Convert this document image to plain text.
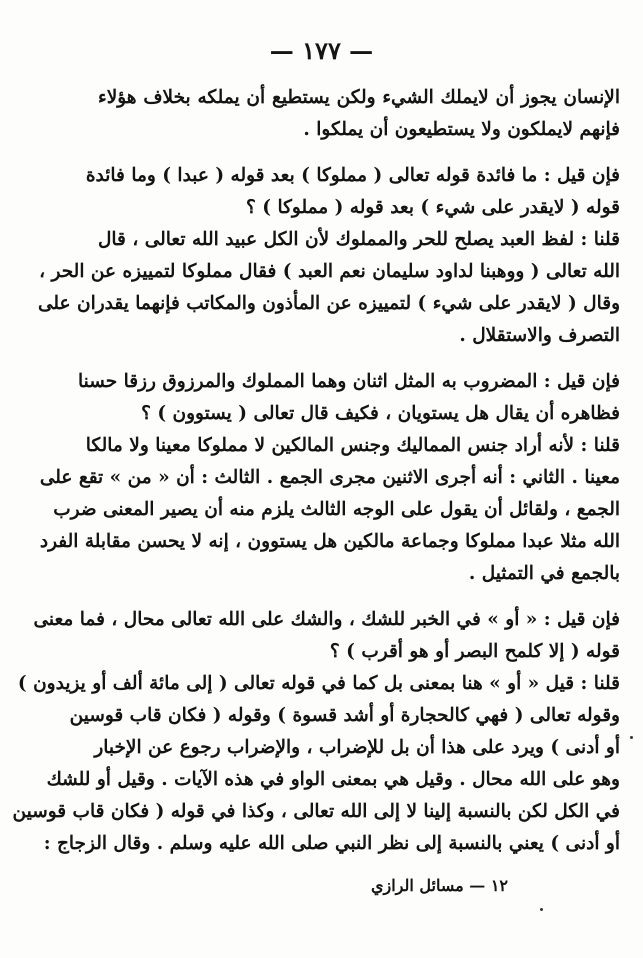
— ١٧٧ —
الإنسان يجوز أن لايملك الشيء ولكن يستطيع أن يملكه بخلاف هؤلاء
فإنهم لايملكون ولا يستطيعون أن يملكوا .
فإن قيل : ما فائدة قوله تعالى ( مملوكا ) بعد قوله ( عبدا ) وما فائدة
قوله ( لايقدر على شيء ) بعد قوله ( مملوكا ) ؟
قلنا : لفظ العبد يصلح للحر والمملوك لأن الكل عبيد الله تعالى ، قال
الله تعالى ( ووهبنا لداود سليمان نعم العبد ) فقال مملوكا لتمييزه عن الحر ،
وقال ( لايقدر على شيء ) لتمييزه عن المأذون والمكاتب فإنهما يقدران على
التصرف والاستقلال .
فإن قيل : المضروب به المثل اثنان وهما المملوك والمرزوق رزقا حسنا
فظاهره أن يقال هل يستويان ، فكيف قال تعالى ( يستوون ) ؟
قلنا : لأنه أراد جنس المماليك وجنس المالكين لا مملوكا معينا ولا مالكا
معينا . الثاني : أنه أجرى الاثنين مجرى الجمع . الثالث : أن « من » تقع على
الجمع ، ولقائل أن يقول على الوجه الثالث يلزم منه أن يصير المعنى ضرب
الله مثلا عبدا مملوكا وجماعة مالكين هل يستوون ، إنه لا يحسن مقابلة الفرد
بالجمع في التمثيل .
فإن قيل : « أو » في الخبر للشك ، والشك على الله تعالى محال ، فما معنى
قوله ( إلا كلمح البصر أو هو أقرب ) ؟
قلنا : قيل « أو » هنا بمعنى بل كما في قوله تعالى ( إلى مائة ألف أو يزيدون )
وقوله تعالى ( فهي كالحجارة أو أشد قسوة ) وقوله ( فكان قاب قوسين
أو أدنى ) ويرد على هذا أن بل للإضراب ، والإضراب رجوع عن الإخبار
وهو على الله محال . وقيل هي بمعنى الواو في هذه الآيات . وقيل أو للشك
في الكل لكن بالنسبة إلينا لا إلى الله تعالى ، وكذا في قوله ( فكان قاب قوسين
أو أدنى ) يعني بالنسبة إلى نظر النبي صلى الله عليه وسلم . وقال الزجاج :
١٢ — مسائل الرازي
